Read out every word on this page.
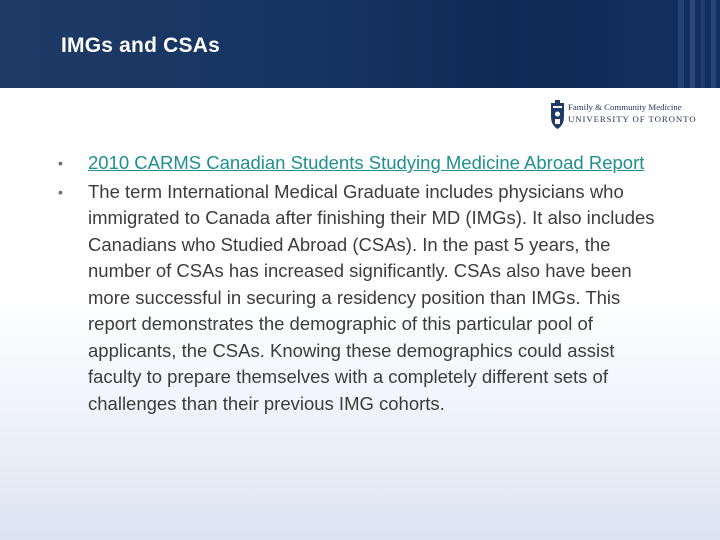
IMGs and CSAs
Family & Community Medicine
UNIVERSITY OF TORONTO
• 2010 CARMS Canadian Students Studying Medicine Abroad Report
• The term International Medical Graduate includes physicians who immigrated to Canada after finishing their MD (IMGs). It also includes Canadians who Studied Abroad (CSAs). In the past 5 years, the number of CSAs has increased significantly. CSAs also have been more successful in securing a residency position than IMGs. This report demonstrates the demographic of this particular pool of applicants, the CSAs. Knowing these demographics could assist faculty to prepare themselves with a completely different sets of challenges than their previous IMG cohorts.
